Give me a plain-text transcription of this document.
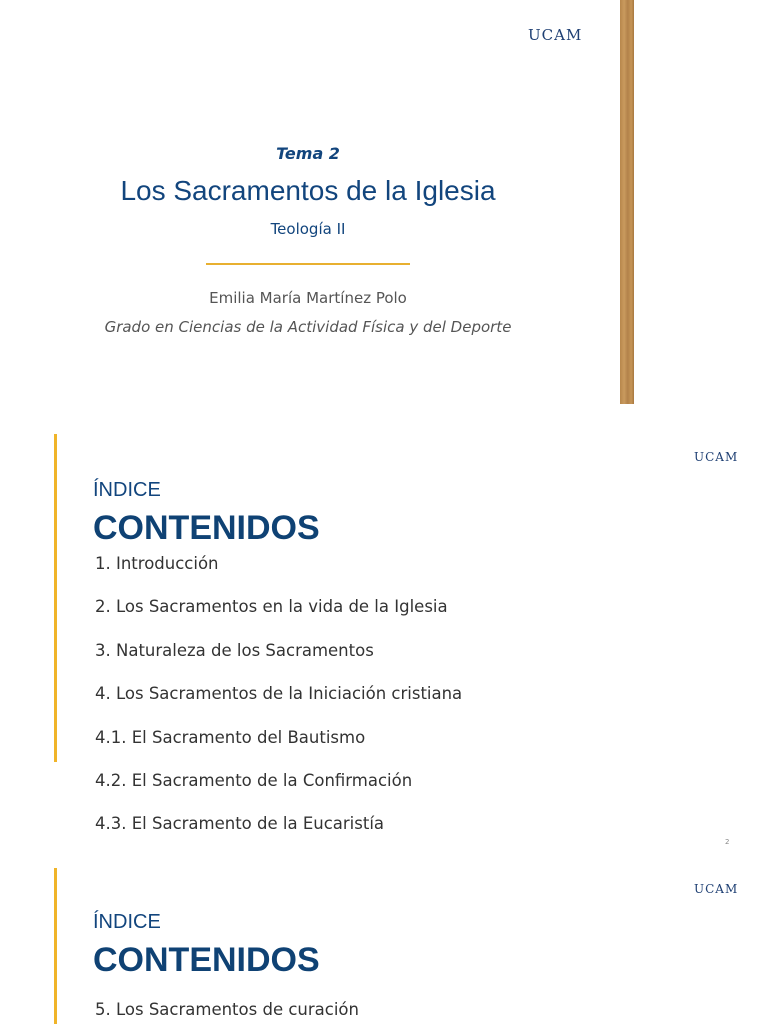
UCAM
Tema 2
Los Sacramentos de la Iglesia
Teología II
Emilia María Martínez Polo
Grado en Ciencias de la Actividad Física y del Deporte
UCAM
ÍNDICE
CONTENIDOS
1. Introducción
2. Los Sacramentos en la vida de la Iglesia
3. Naturaleza de los Sacramentos
4. Los Sacramentos de la Iniciación cristiana
4.1. El Sacramento del Bautismo
4.2. El Sacramento de la Confirmación
4.3. El Sacramento de la Eucaristía
2
UCAM
ÍNDICE
CONTENIDOS
5. Los Sacramentos de curación
